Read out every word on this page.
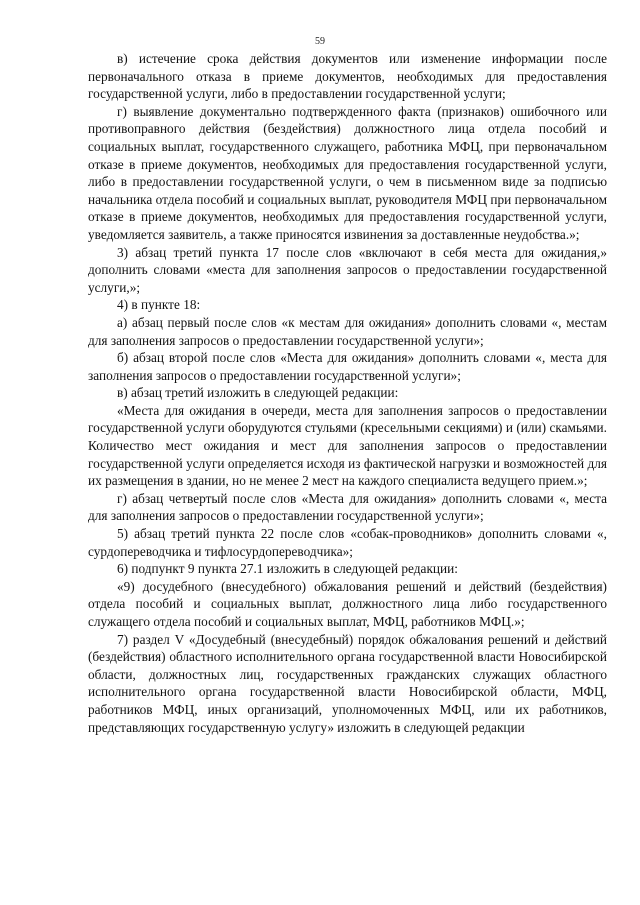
59

в) истечение срока действия документов или изменение информации после первоначального отказа в приеме документов, необходимых для предоставления государственной услуги, либо в предоставлении государственной услуги;

г) выявление документально подтвержденного факта (признаков) ошибочного или противоправного действия (бездействия) должностного лица отдела пособий и социальных выплат, государственного служащего, работника МФЦ, при первоначальном отказе в приеме документов, необходимых для предоставления государственной услуги, либо в предоставлении государственной услуги, о чем в письменном виде за подписью начальника отдела пособий и социальных выплат, руководителя МФЦ при первоначальном отказе в приеме документов, необходимых для предоставления государственной услуги, уведомляется заявитель, а также приносятся извинения за доставленные неудобства.»;

3) абзац третий пункта 17 после слов «включают в себя места для ожидания,» дополнить словами «места для заполнения запросов о предоставлении государственной услуги,»;

4) в пункте 18:

а) абзац первый после слов «к местам для ожидания» дополнить словами «, местам для заполнения запросов о предоставлении государственной услуги»;

б) абзац второй после слов «Места для ожидания» дополнить словами «, места для заполнения запросов о предоставлении государственной услуги»;

в) абзац третий изложить в следующей редакции:

«Места для ожидания в очереди, места для заполнения запросов о предоставлении государственной услуги оборудуются стульями (кресельными секциями) и (или) скамьями. Количество мест ожидания и мест для заполнения запросов о предоставлении государственной услуги определяется исходя из фактической нагрузки и возможностей для их размещения в здании, но не менее 2 мест на каждого специалиста ведущего прием.»;

г) абзац четвертый после слов «Места для ожидания» дополнить словами «, места для заполнения запросов о предоставлении государственной услуги»;

5) абзац третий пункта 22 после слов «собак-проводников» дополнить словами «, сурдопереводчика и тифлосурдопереводчика»;

6) подпункт 9 пункта 27.1 изложить в следующей редакции:

«9) досудебного (внесудебного) обжалования решений и действий (бездействия) отдела пособий и социальных выплат, должностного лица либо государственного служащего отдела пособий и социальных выплат, МФЦ, работников МФЦ.»;

7) раздел V «Досудебный (внесудебный) порядок обжалования решений и действий (бездействия) областного исполнительного органа государственной власти Новосибирской области, должностных лиц, государственных гражданских служащих областного исполнительного органа государственной власти Новосибирской области, МФЦ, работников МФЦ, иных организаций, уполномоченных МФЦ, или их работников, представляющих государственную услугу» изложить в следующей редакции
